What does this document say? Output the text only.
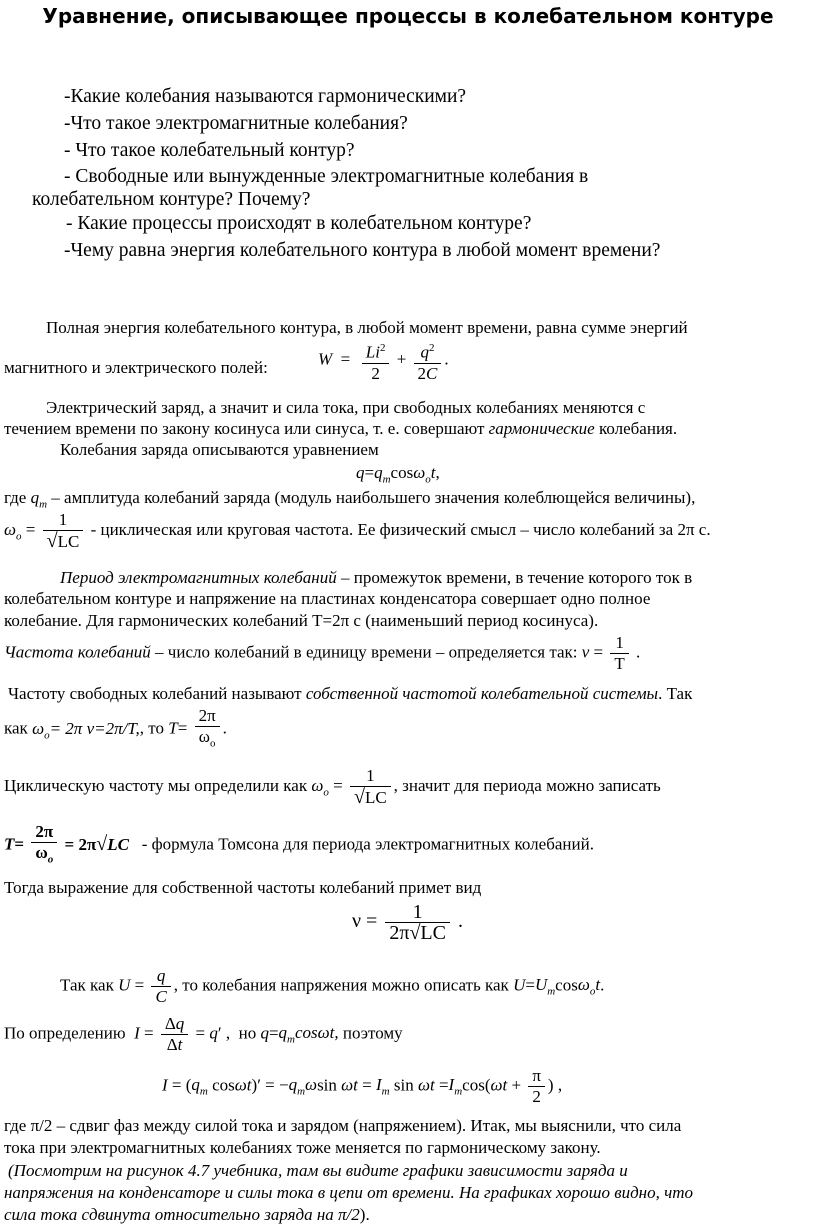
Уравнение, описывающее процессы в колебательном контуре
-Какие колебания называются гармоническими?
-Что такое электромагнитные колебания?
- Что такое колебательный контур?
- Свободные или вынужденные электромагнитные колебания в
колебательном контуре? Почему?
- Какие процессы происходят в колебательном контуре?
-Чему равна энергия колебательного контура в любой момент времени?
Полная энергия колебательного контура, в любой момент времени, равна сумме энергий
магнитного и электрического полей:	$W = \frac{Li^2}{2} + \frac{q^2}{2C}$ .
Электрический заряд, а значит и сила тока, при свободных колебаниях меняются с
течением времени по закону косинуса или синуса, т. е. совершают гармонические колебания.
Колебания заряда описываются уравнением
$q=q_m\cos\omega_ot$,
где $q_m$ – амплитуда колебаний заряда (модуль наибольшего значения колеблющейся величины),
$\omega_o = \frac{1}{√LC}$ - циклическая или круговая частота. Ее физический смысл – число колебаний за 2π с.
Период электромагнитных колебаний – промежуток времени, в течение которого ток в
колебательном контуре и напряжение на пластинах конденсатора совершает одно полное
колебание. Для гармонических колебаний Т=2π с (наименьший период косинуса).
Частота колебаний – число колебаний в единицу времени – определяется так: $v = \frac{1}{T}$ .
Частоту свободных колебаний называют собственной частотой колебательной системы. Так
как $\omega_o= 2\pi$ v=2π/T,, то $T= \frac{2\pi}{\omega_o}$ .
Циклическую частоту мы определили как $\omega_o = \frac{1}{√LC}$ , значит для периода можно записать
$T= \frac{2\pi}{\omega_o} = 2\pi√LC$ - формула Томсона для периода электромагнитных колебаний.
Тогда выражение для собственной частоты колебаний примет вид
$\nu = \frac{1}{2\pi√LC}$ .
Так как $U = \frac{q}{C}$ , то колебания напряжения можно описать как $U=U_m\cos\omega_ot$.
По определению $I = \frac{\Delta q}{\Delta t} = q'$ ,  но $q=q_m\cos\omega t$, поэтому
$I = (q_m$ $\cos\omega t)' = -q_m\omega\sin$ $\omega t = I_m$ $\sin \omega t =I_m\cos(\omega t + \frac{\pi}{2}$ ) ,
где π/2 – сдвиг фаз между силой тока и зарядом (напряжением). Итак, мы выяснили, что сила
тока при электромагнитных колебаниях тоже меняется по гармоническому закону.
(Посмотрим на рисунок 4.7 учебника, там вы видите графики зависимости заряда и
напряжения на конденсаторе и силы тока в цепи от времени. На графиках хорошо видно, что
сила тока сдвинута относительно заряда на π/2).
